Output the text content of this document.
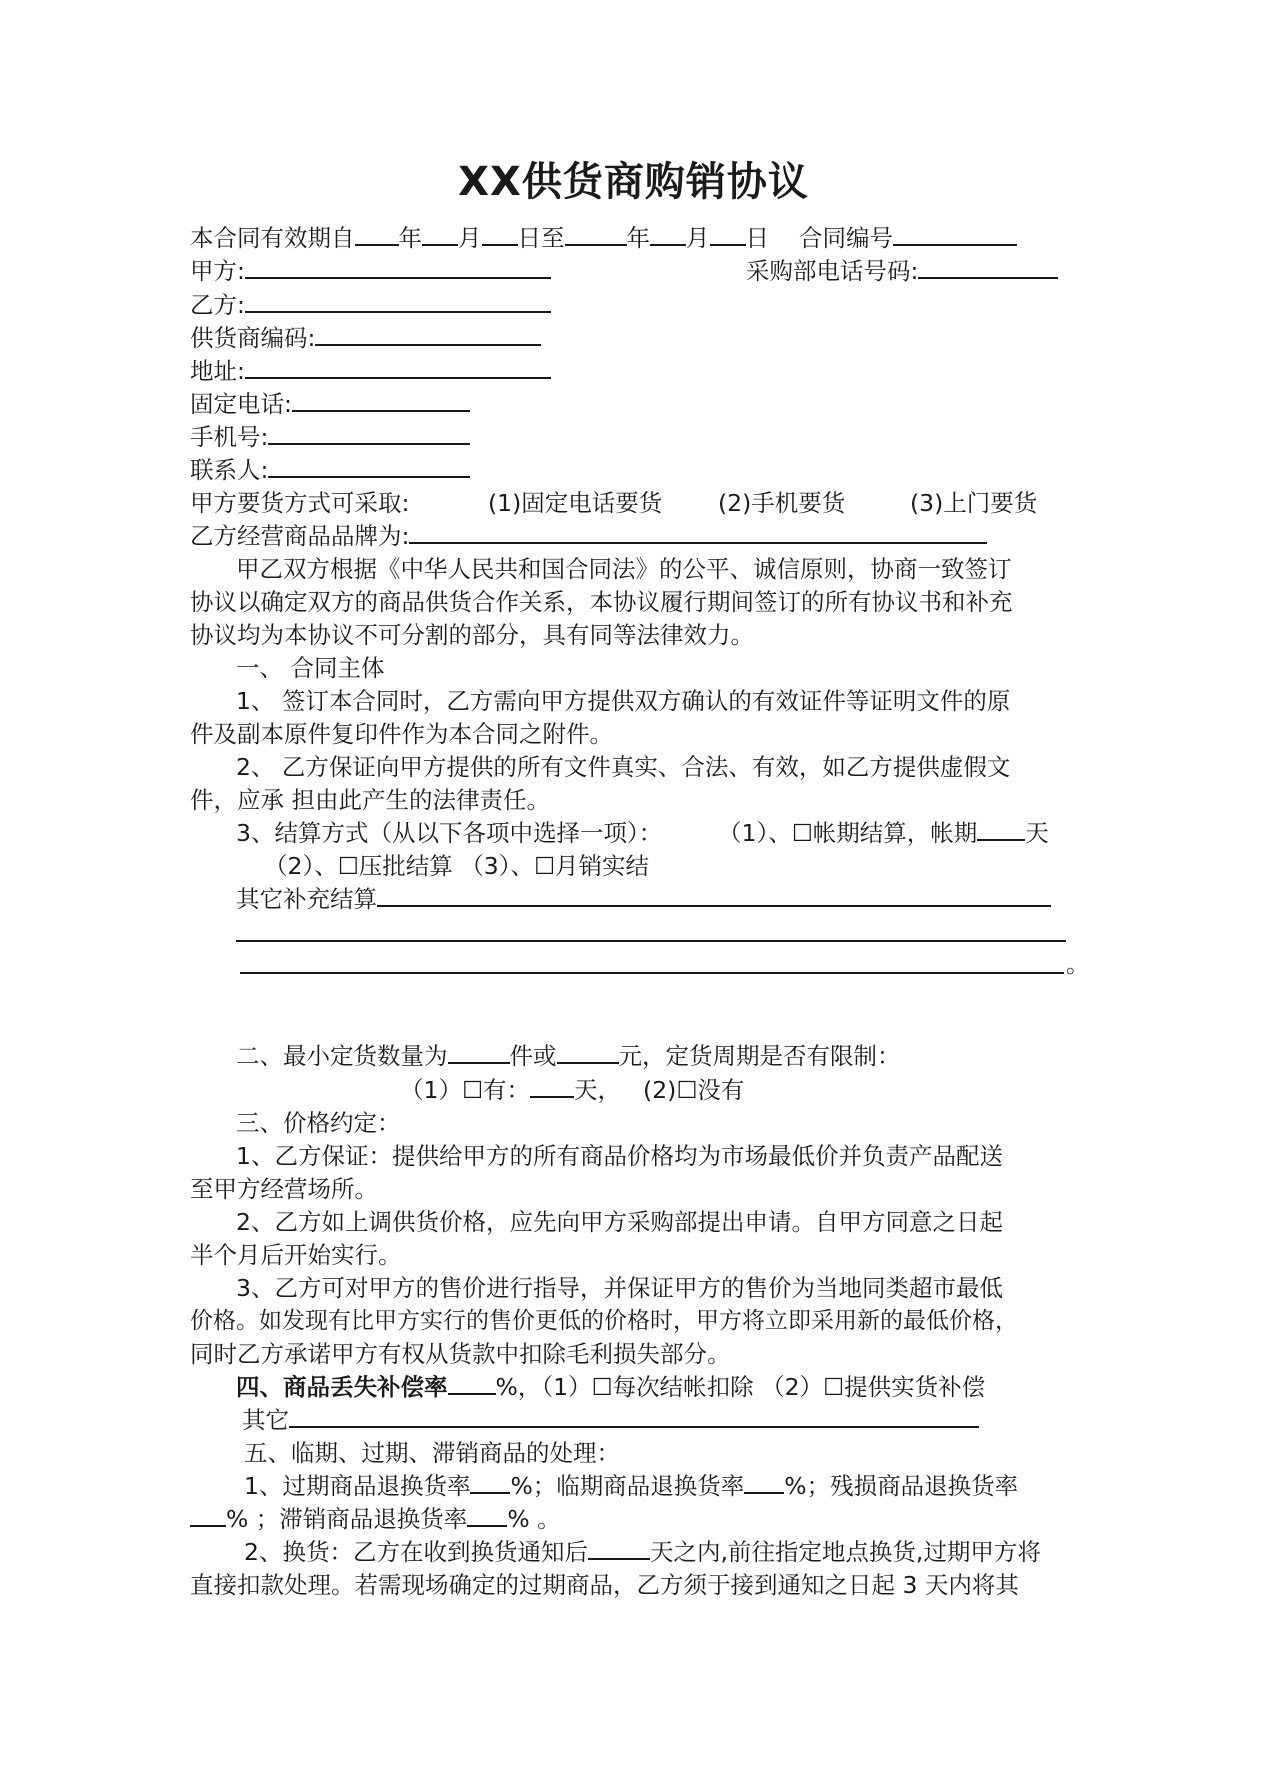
XX供货商购销协议
本合同有效期自 年 月 日至	年 月 日 合同编号
甲方:	采购部电话号码:
乙方:
供货商编码:
地址:
固定电话:
手机号:
联系人:
甲方要货方式可采取:	(1)固定电话要货 (2)手机要货	(3)上门要货
乙方经营商品品牌为:
甲乙双方根据《中华人民共和国合同法》的公平、诚信原则，协商一致签订
协议以确定双方的商品供货合作关系，本协议履行期间签订的所有协议书和补充
协议均为本协议不可分割的部分，具有同等法律效力。
一、 合同主体
1、 签订本合同时，乙方需向甲方提供双方确认的有效证件等证明文件的原
件及副本原件复印件作为本合同之附件。
2、 乙方保证向甲方提供的所有文件真实、合法、有效，如乙方提供虚假文
件，应承 担由此产生的法律责任。
3、结算方式（从以下各项中选择一项）： （1）、☐帐期结算，帐期 天
（2）、☐压批结算 （3）、☐月销实结
其它补充结算
。
二、最小定货数量为	件或	元，定货周期是否有限制：
（1）☐有： 天， (2)☐没有
三、价格约定：
1、乙方保证：提供给甲方的所有商品价格均为市场最低价并负责产品配送
至甲方经营场所。
2、乙方如上调供货价格，应先向甲方采购部提出申请。自甲方同意之日起
半个月后开始实行。
3、乙方可对甲方的售价进行指导，并保证甲方的售价为当地同类超市最低
价格。如发现有比甲方实行的售价更低的价格时，甲方将立即采用新的最低价格，
同时乙方承诺甲方有权从货款中扣除毛利损失部分。
四、商品丢失补偿率 %，（1）☐每次结帐扣除 （2）☐提供实货补偿
其它
五、临期、过期、滞销商品的处理：
1、过期商品退换货率 %；临期商品退换货率 %；残损商品退换货率
% ；滞销商品退换货率 % 。
2、换货：乙方在收到换货通知后	天之内,前往指定地点换货,过期甲方将
直接扣款处理。若需现场确定的过期商品，乙方须于接到通知之日起 3 天内将其
